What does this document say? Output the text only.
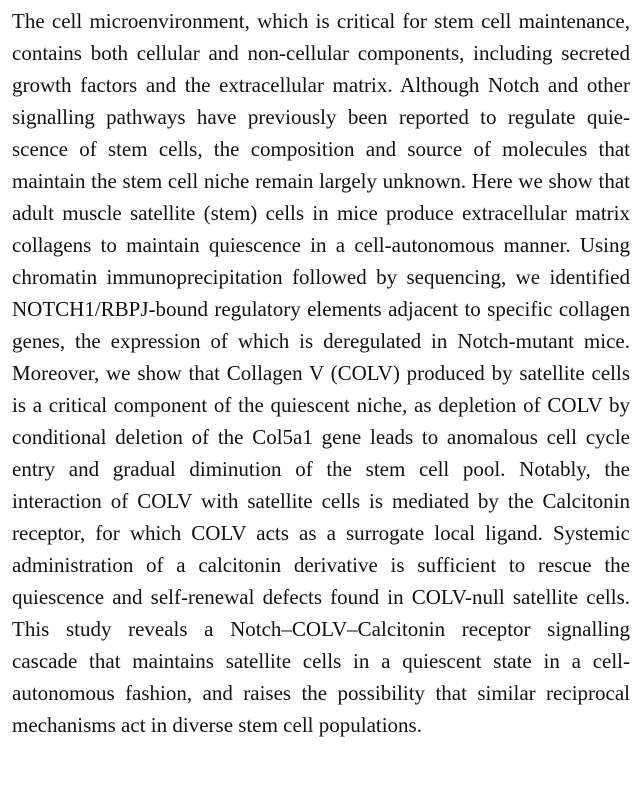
The cell microenvironment, which is critical for stem cell maintenance,
contains both cellular and non-cellular components, including secreted
growth factors and the extracellular matrix. Although Notch and other
signalling pathways have previously been reported to regulate quie-
scence of stem cells, the composition and source of molecules that
maintain the stem cell niche remain largely unknown. Here we show that
adult muscle satellite (stem) cells in mice produce extracellular matrix
collagens to maintain quiescence in a cell-autonomous manner. Using
chromatin immunoprecipitation followed by sequencing, we identified
NOTCH1/RBPJ-bound regulatory elements adjacent to specific collagen
genes, the expression of which is deregulated in Notch-mutant mice.
Moreover, we show that Collagen V (COLV) produced by satellite cells
is a critical component of the quiescent niche, as depletion of COLV by
conditional deletion of the Col5a1 gene leads to anomalous cell cycle
entry and gradual diminution of the stem cell pool. Notably, the
interaction of COLV with satellite cells is mediated by the Calcitonin
receptor, for which COLV acts as a surrogate local ligand. Systemic
administration of a calcitonin derivative is sufficient to rescue the
quiescence and self-renewal defects found in COLV-null satellite cells.
This study reveals a Notch–COLV–Calcitonin receptor signalling
cascade that maintains satellite cells in a quiescent state in a cell-
autonomous fashion, and raises the possibility that similar reciprocal
mechanisms act in diverse stem cell populations.
